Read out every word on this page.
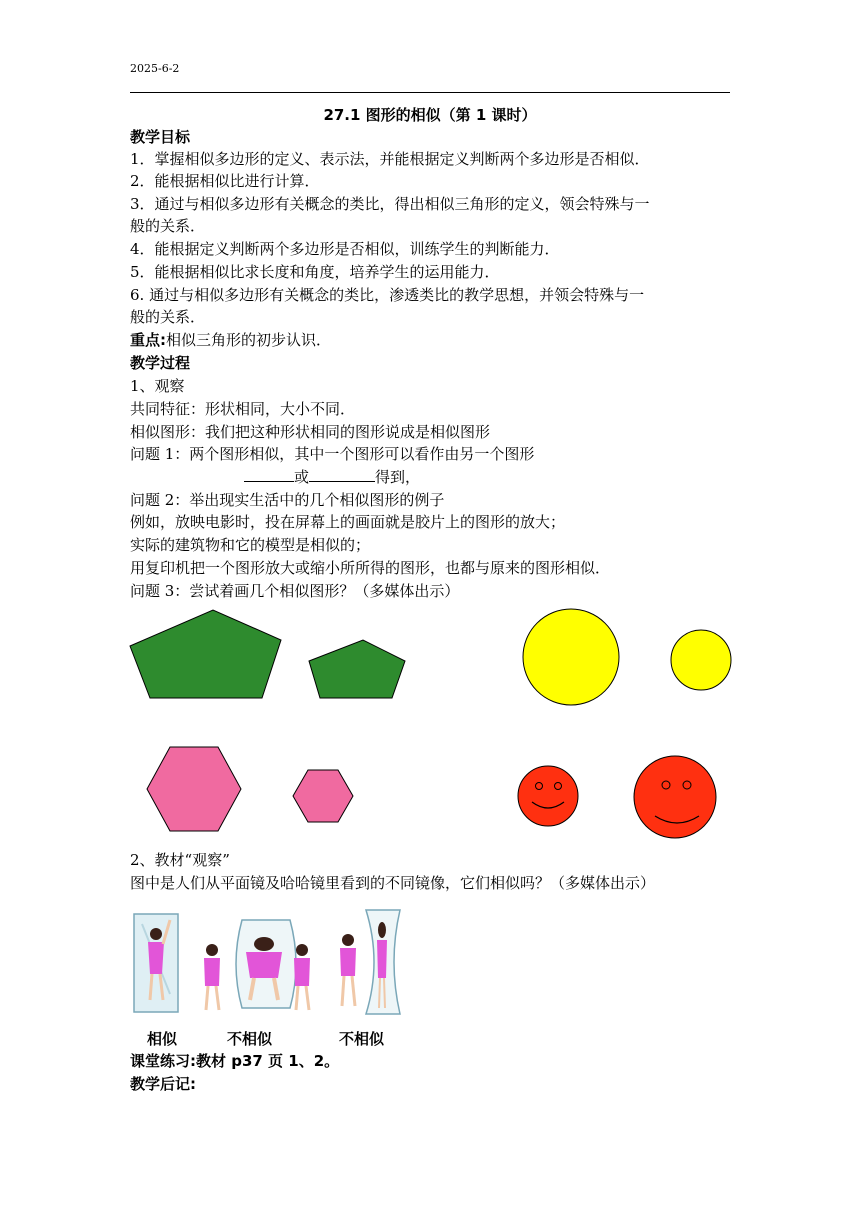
2025-6-2
27.1 图形的相似（第 1 课时）
教学目标
1．掌握相似多边形的定义、表示法，并能根据定义判断两个多边形是否相似．
2．能根据相似比进行计算．
3．通过与相似多边形有关概念的类比，得出相似三角形的定义，领会特殊与一
般的关系．
4．能根据定义判断两个多边形是否相似，训练学生的判断能力．
5．能根据相似比求长度和角度，培养学生的运用能力．
6. 通过与相似多边形有关概念的类比，渗透类比的教学思想，并领会特殊与一
般的关系．
重点:相似三角形的初步认识．
教学过程
1、观察
共同特征：形状相同，大小不同．
相似图形：我们把这种形状相同的图形说成是相似图形
问题 1：两个图形相似，其中一个图形可以看作由另一个图形
或	得到，
问题 2：举出现实生活中的几个相似图形的例子
例如，放映电影时，投在屏幕上的画面就是胶片上的图形的放大；
实际的建筑物和它的模型是相似的；
用复印机把一个图形放大或缩小所所得的图形，也都与原来的图形相似．
问题 3：尝试着画几个相似图形？（多媒体出示）
2、教材“观察”
图中是人们从平面镜及哈哈镜里看到的不同镜像，它们相似吗？（多媒体出示）
相似	不相似	不相似
课堂练习:教材 p37 页 1、2。
教学后记:
